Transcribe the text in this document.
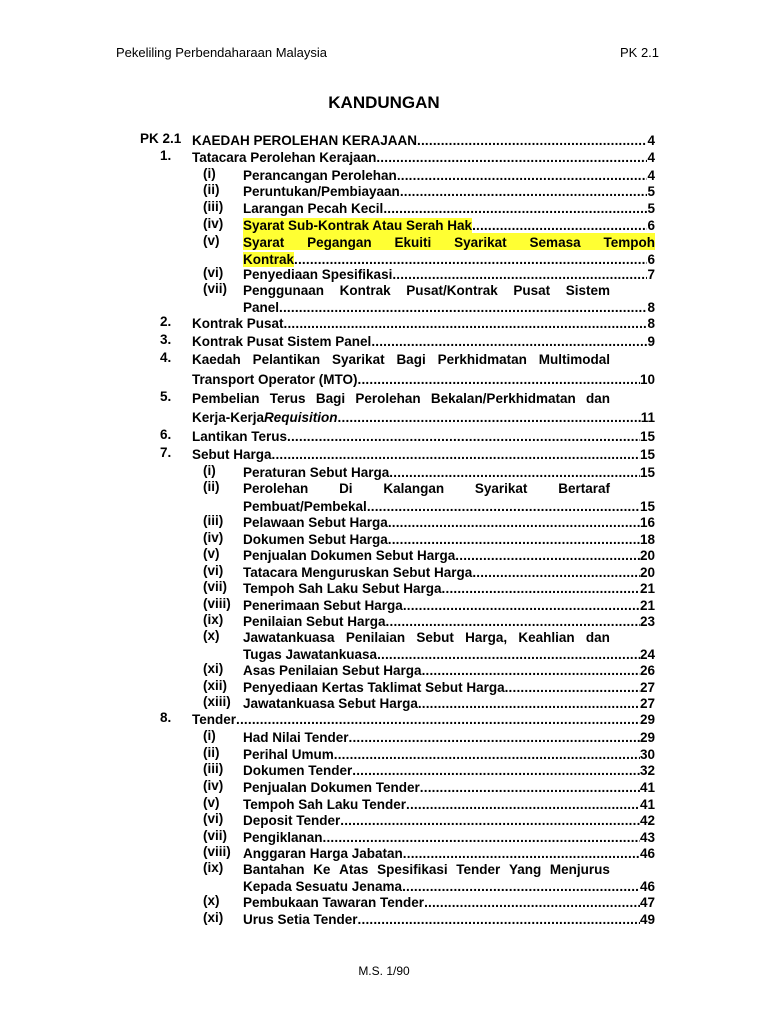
Pekeliling Perbendaharaan Malaysia	PK 2.1
KANDUNGAN
PK 2.1 KAEDAH PEROLEHAN KERAJAAN .....	4
1. Tatacara Perolehan Kerajaan .....	4
(i) Perancangan Perolehan .....	4
(ii) Peruntukan/Pembiayaan .....	5
(iii) Larangan Pecah Kecil .....	5
(iv) Syarat Sub-Kontrak Atau Serah Hak .....	6
(v) Syarat Pegangan Ekuiti Syarikat Semasa Tempoh
Kontrak .....	6
(vi) Penyediaan Spesifikasi .....	7
(vii) Penggunaan Kontrak Pusat/Kontrak Pusat Sistem
Panel .....	8
2. Kontrak Pusat .....	8
3. Kontrak Pusat Sistem Panel .....	9
4. Kaedah Pelantikan Syarikat Bagi Perkhidmatan Multimodal
Transport Operator (MTO) .....	10
5. Pembelian Terus Bagi Perolehan Bekalan/Perkhidmatan dan
Kerja-Kerja Requisition .....	11
6. Lantikan Terus .....	15
7. Sebut Harga .....	15
(i) Peraturan Sebut Harga .....	15
(ii) Perolehan Di Kalangan Syarikat Bertaraf
Pembuat/Pembekal .....	15
(iii) Pelawaan Sebut Harga .....	16
(iv) Dokumen Sebut Harga .....	18
(v) Penjualan Dokumen Sebut Harga .....	20
(vi) Tatacara Menguruskan Sebut Harga .....	20
(vii) Tempoh Sah Laku Sebut Harga .....	21
(viii) Penerimaan Sebut Harga .....	21
(ix) Penilaian Sebut Harga .....	23
(x) Jawatankuasa Penilaian Sebut Harga, Keahlian dan
Tugas Jawatankuasa .....	24
(xi) Asas Penilaian Sebut Harga .....	26
(xii) Penyediaan Kertas Taklimat Sebut Harga .....	27
(xiii) Jawatankuasa Sebut Harga .....	27
8. Tender .....	29
(i) Had Nilai Tender .....	29
(ii) Perihal Umum .....	30
(iii) Dokumen Tender .....	32
(iv) Penjualan Dokumen Tender .....	41
(v) Tempoh Sah Laku Tender .....	41
(vi) Deposit Tender .....	42
(vii) Pengiklanan .....	43
(viii) Anggaran Harga Jabatan .....	46
(ix) Bantahan Ke Atas Spesifikasi Tender Yang Menjurus
Kepada Sesuatu Jenama .....	46
(x) Pembukaan Tawaran Tender .....	47
(xi) Urus Setia Tender .....	49
M.S. 1/90
